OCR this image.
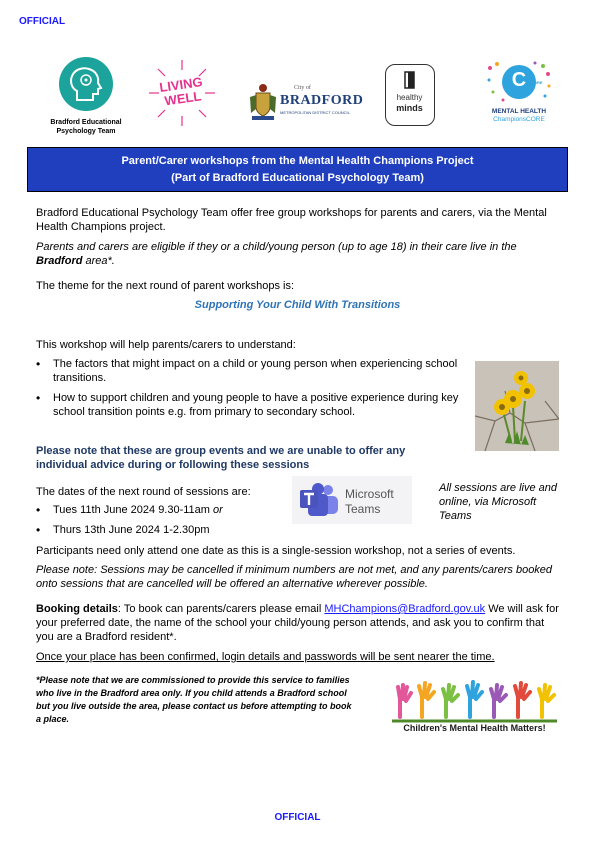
OFFICIAL
Bradford Educational
Psychology Team
LIVING WELL
City of
BRADFORD
METROPOLITAN DISTRICT COUNCIL
healthy
minds
C	CORE
MENTAL HEALTH
ChampionsCORE
Parent/Carer workshops from the Mental Health Champions Project
(Part of Bradford Educational Psychology Team)
Bradford Educational Psychology Team offer free group workshops for parents and carers, via the Mental Health Champions project.
Parents and carers are eligible if they or a child/young person (up to age 18) in their care live in the Bradford area*.
The theme for the next round of parent workshops is:
Supporting Your Child With Transitions
This workshop will help parents/carers to understand:
• The factors that might impact on a child or young person when experiencing school transitions.
• How to support children and young people to have a positive experience during key school transition points e.g. from primary to secondary school.
Please note that these are group events and we are unable to offer any individual advice during or following these sessions
The dates of the next round of sessions are:
• Tues 11th June 2024 9.30-11am or
• Thurs 13th June 2024 1-2.30pm
Microsoft
Teams
All sessions are live and online, via Microsoft Teams
Participants need only attend one date as this is a single-session workshop, not a series of events.
Please note: Sessions may be cancelled if minimum numbers are not met, and any parents/carers booked onto sessions that are cancelled will be offered an alternative wherever possible.
Booking details: To book can parents/carers please email MHChampions@Bradford.gov.uk We will ask for your preferred date, the name of the school your child/young person attends, and ask you to confirm that you are a Bradford resident*.
Once your place has been confirmed, login details and passwords will be sent nearer the time.
*Please note that we are commissioned to provide this service to families who live in the Bradford area only. If you child attends a Bradford school but you live outside the area, please contact us before attempting to book a place.
Children's Mental Health Matters!
OFFICIAL
